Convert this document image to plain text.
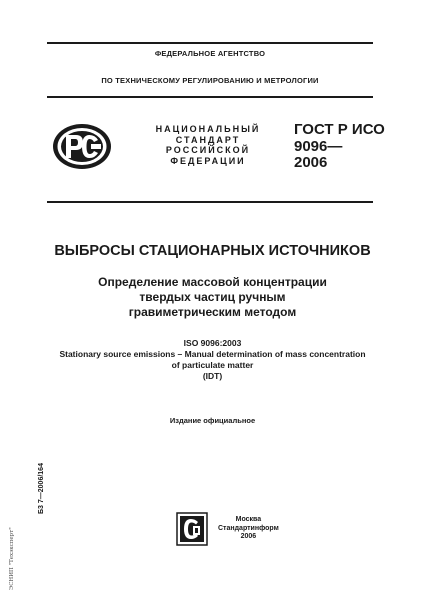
ФЕДЕРАЛЬНОЕ АГЕНТСТВО
ПО ТЕХНИЧЕСКОМУ РЕГУЛИРОВАНИЮ И МЕТРОЛОГИИ
НАЦИОНАЛЬНЫЙ
СТАНДАРТ
РОССИЙСКОЙ
ФЕДЕРАЦИИ
ГОСТ Р ИСО
9096—
2006
ВЫБРОСЫ СТАЦИОНАРНЫХ ИСТОЧНИКОВ
Определение массовой концентрации
твердых частиц ручным
гравиметрическим методом
ISO 9096:2003
Stationary source emissions – Manual determination of mass concentration
of particulate matter
(IDT)
Издание официальное
Б3 7—2006/164
ЭСНИП "Техэксперт"
Москва
Стандартинформ
2006
